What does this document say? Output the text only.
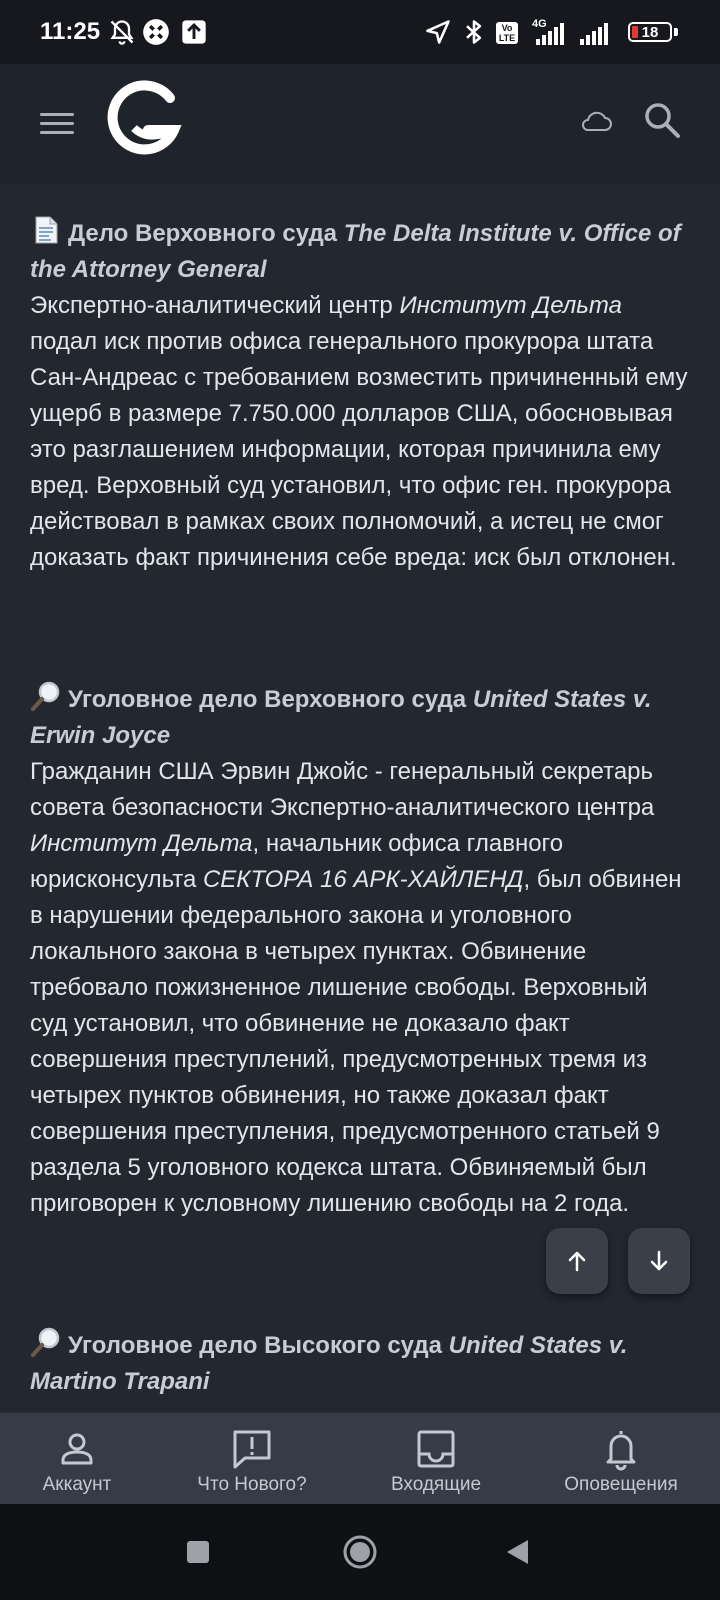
11:25	Vo LTE
4G	18
Дело Верховного суда The Delta Institute v. Office of the Attorney General
Экспертно-аналитический центр Институт Дельта подал иск против офиса генерального прокурора штата Сан-Андреас с требованием возместить причиненный ему ущерб в размере 7.750.000 долларов США, обосновывая это разглашением информации, которая причинила ему вред. Верховный суд установил, что офис ген. прокурора действовал в рамках своих полномочий, а истец не смог доказать факт причинения себе вреда: иск был отклонен.
Уголовное дело Верховного суда United States v. Erwin Joyce
Гражданин США Эрвин Джойс - генеральный секретарь совета безопасности Экспертно-аналитического центра Институт Дельта, начальник офиса главного юрисконсульта СЕКТОРА 16 АРК-ХАЙЛЕНД, был обвинен в нарушении федерального закона и уголовного локального закона в четырех пунктах. Обвинение требовало пожизненное лишение свободы. Верховный суд установил, что обвинение не доказало факт совершения преступлений, предусмотренных тремя из четырех пунктов обвинения, но также доказал факт совершения преступления, предусмотренного статьей 9 раздела 5 уголовного кодекса штата. Обвиняемый был приговорен к условному лишению свободы на 2 года.
Уголовное дело Высокого суда United States v. Martino Trapani
Аккаунт	Что Нового?	Входящие	Оповещения
